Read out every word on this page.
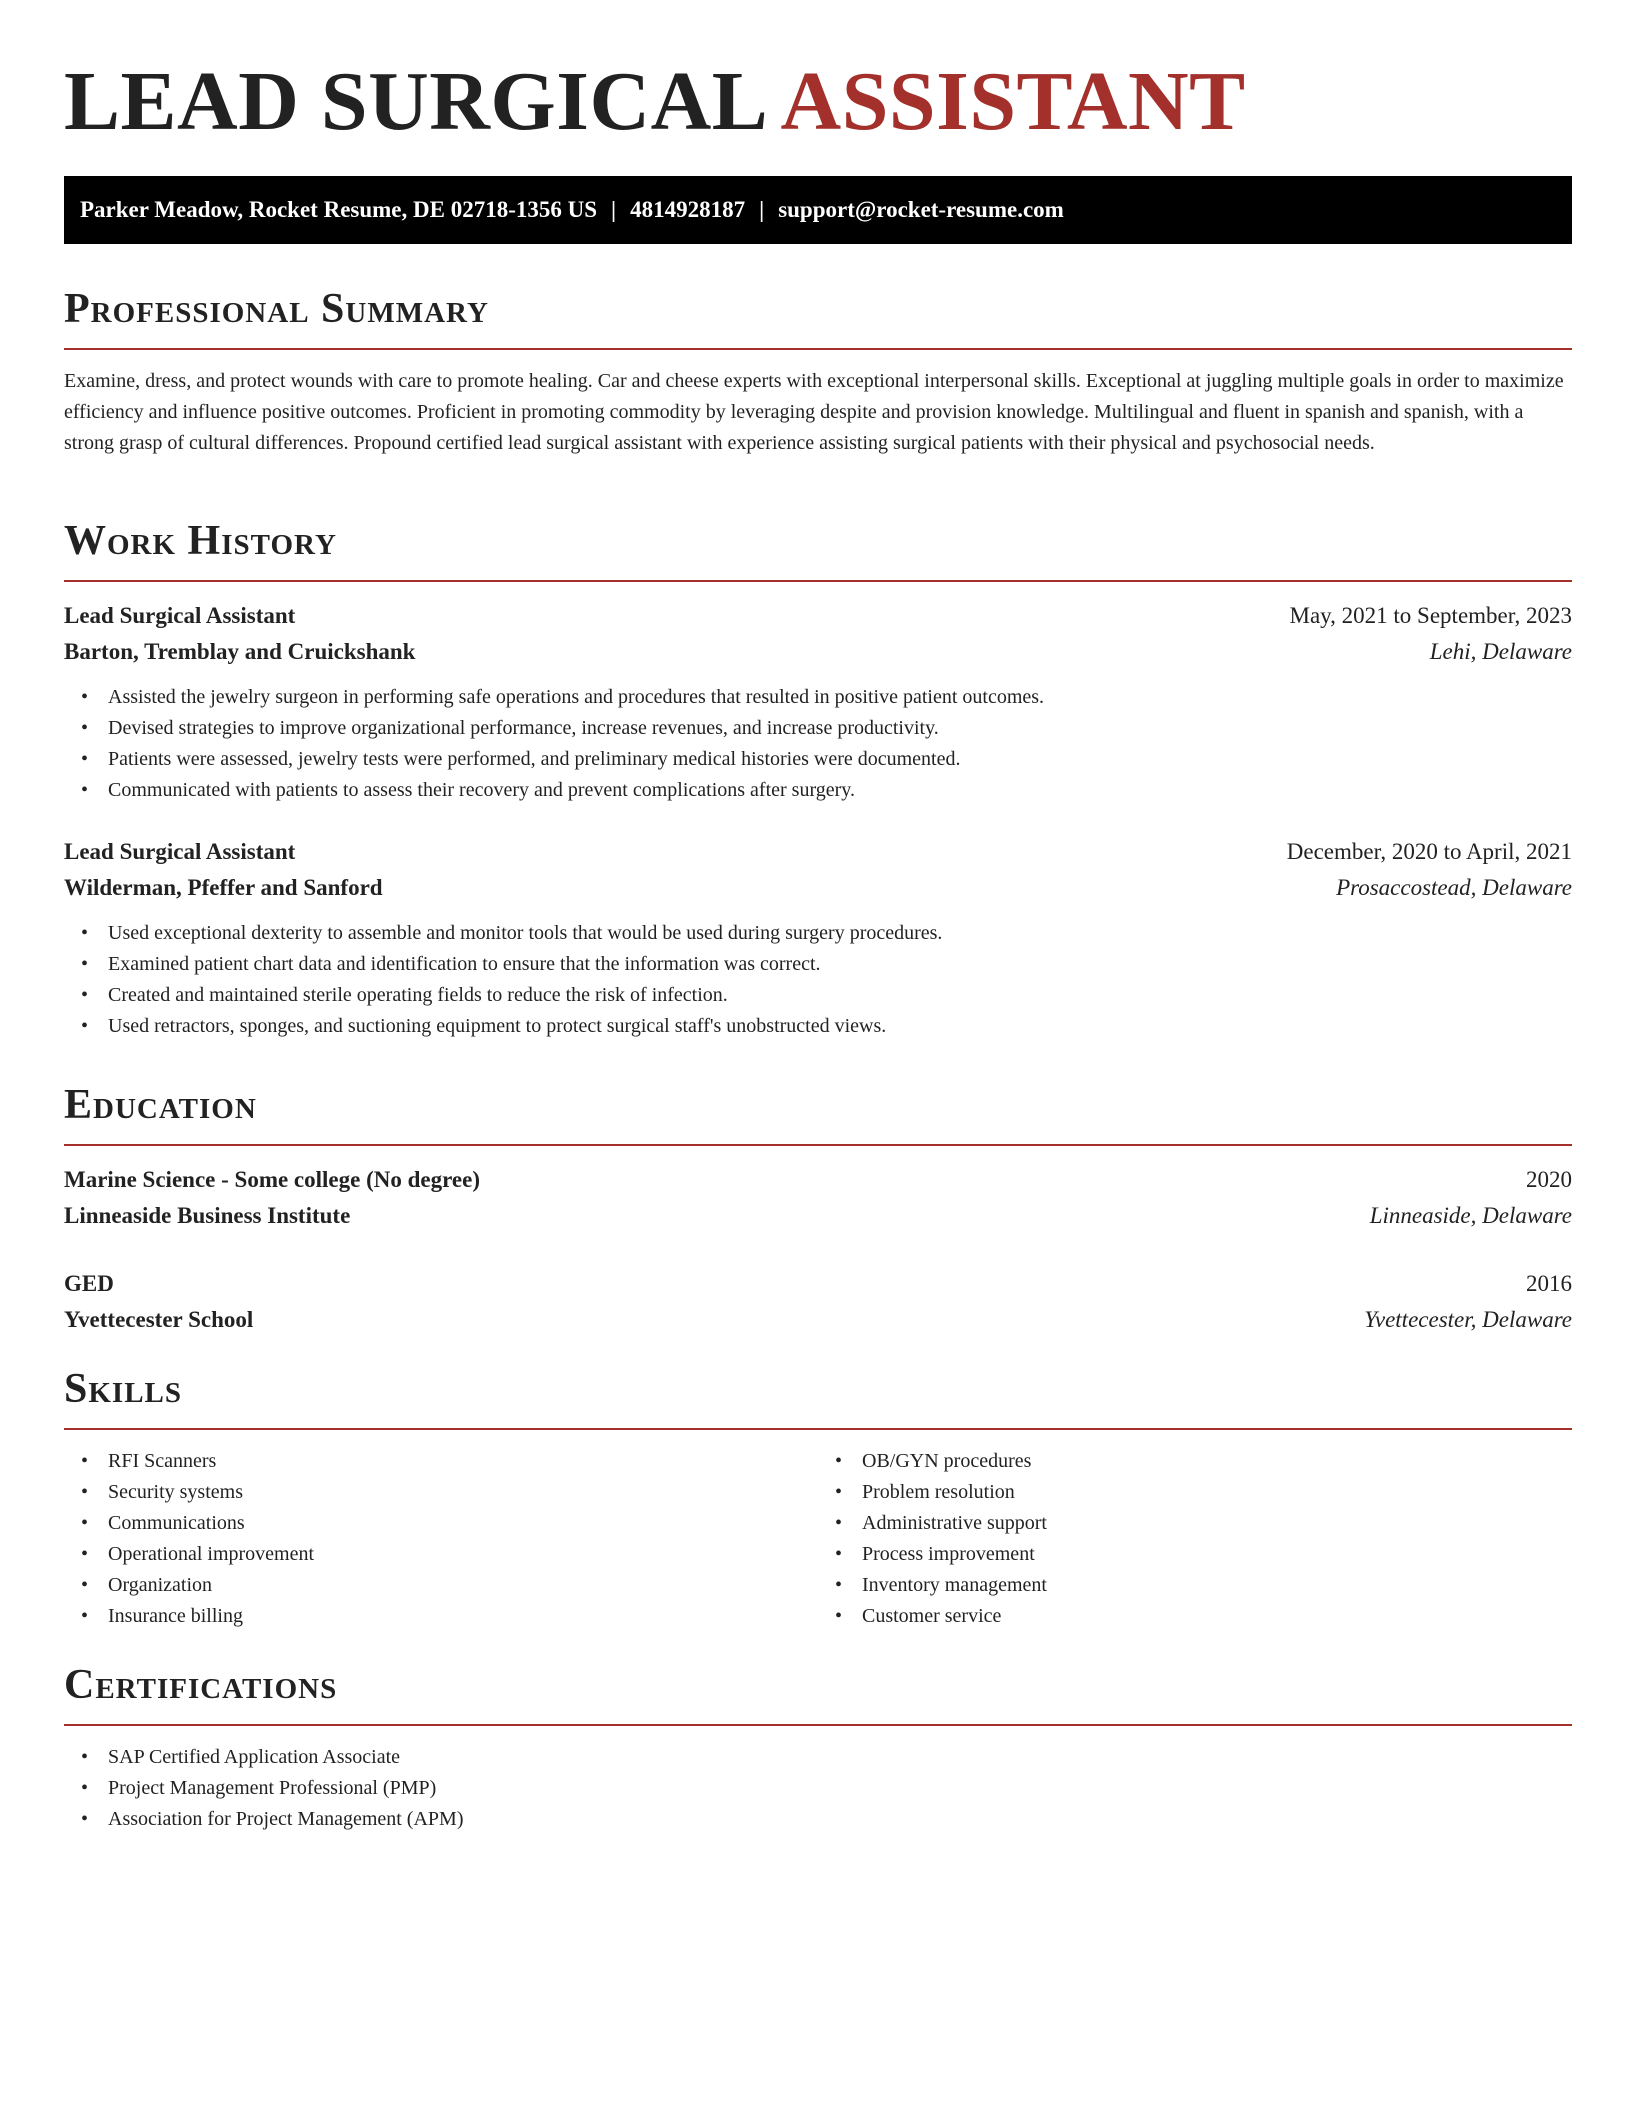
LEAD SURGICAL ASSISTANT
Parker Meadow, Rocket Resume, DE 02718-1356 US | 4814928187 | support@rocket-resume.com
Professional Summary

Examine, dress, and protect wounds with care to promote healing. Car and cheese experts with exceptional interpersonal skills. Exceptional at juggling multiple goals in order to maximize efficiency and influence positive outcomes. Proficient in promoting commodity by leveraging despite and provision knowledge. Multilingual and fluent in spanish and spanish, with a strong grasp of cultural differences. Propound certified lead surgical assistant with experience assisting surgical patients with their physical and psychosocial needs.

Work History
Lead Surgical Assistant	May, 2021 to September, 2023
Barton, Tremblay and Cruickshank	Lehi, Delaware
• Assisted the jewelry surgeon in performing safe operations and procedures that resulted in positive patient outcomes.
• Devised strategies to improve organizational performance, increase revenues, and increase productivity.
• Patients were assessed, jewelry tests were performed, and preliminary medical histories were documented.
• Communicated with patients to assess their recovery and prevent complications after surgery.
Lead Surgical Assistant	December, 2020 to April, 2021
Wilderman, Pfeffer and Sanford	Prosaccostead, Delaware
• Used exceptional dexterity to assemble and monitor tools that would be used during surgery procedures.
• Examined patient chart data and identification to ensure that the information was correct.
• Created and maintained sterile operating fields to reduce the risk of infection.
• Used retractors, sponges, and suctioning equipment to protect surgical staff's unobstructed views.
Education
Marine Science - Some college (No degree)	2020
Linneaside Business Institute	Linneaside, Delaware
GED	2016
Yvettecester School	Yvettecester, Delaware
Skills
• RFI Scanners
• Security systems
• Communications
• Operational improvement
• Organization
• Insurance billing
• OB/GYN procedures
• Problem resolution
• Administrative support
• Process improvement
• Inventory management
• Customer service
Certifications
• SAP Certified Application Associate
• Project Management Professional (PMP)
• Association for Project Management (APM)
